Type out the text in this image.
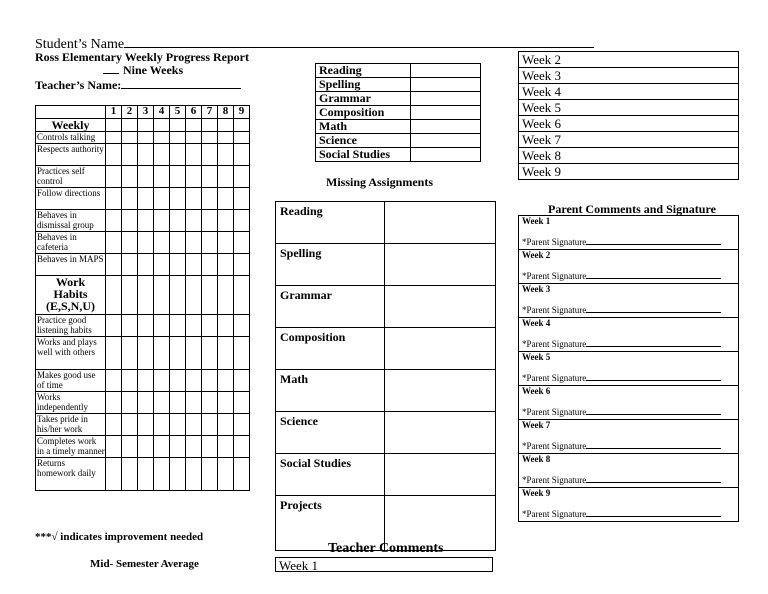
Student’s Name
Ross Elementary Weekly Progress Report
Nine Weeks
Teacher’s Name:
	1	2	3	4	5	6	7	8	9
Weekly									
Controls talking									
Respects authority									
Practices self control									
Follow directions									
Behaves in dismissal group									
Behaves in cafeteria									
Behaves in MAPS									

Work
Habits
(E,S,N,U)									

Practice good listening habits									
Works and plays well with others									
Makes good use of time									
Works independently									
Takes pride in his/her work									
Completes work in a timely manner									
Returns homework daily									
***√ indicates improvement needed
Mid- Semester Average
Reading	
Spelling	
Grammar	
Composition	
Math	
Science	
Social Studies	
Missing Assignments
Reading	
Spelling	
Grammar	
Composition	
Math	
Science	
Social Studies	
Projects	
Teacher Comments
Week 1
Week 2
Week 3
Week 4
Week 5
Week 6
Week 7
Week 8
Week 9
Parent Comments and Signature
Week 1
*Parent Signature

Week 2
*Parent Signature

Week 3
*Parent Signature

Week 4
*Parent Signature

Week 5
*Parent Signature

Week 6
*Parent Signature

Week 7
*Parent Signature

Week 8
*Parent Signature

Week 9
*Parent Signature
